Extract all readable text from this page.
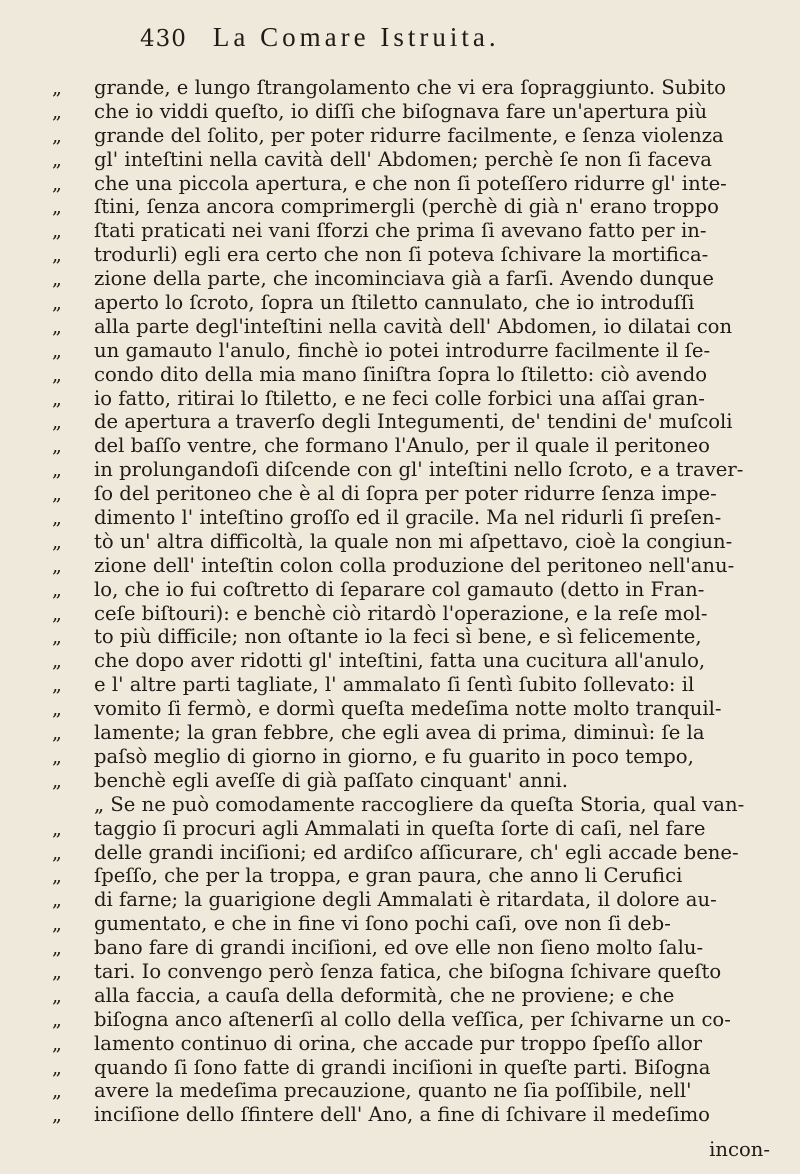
430 La Comare Istruita.
„	grande, e lungo ſtrangolamento che vi era ſopraggiunto. Subito
„	che io viddi queſto, io diſſi che biſognava fare un'apertura più
„	grande del ſolito, per poter ridurre facilmente, e ſenza violenza
„	gl' inteſtini nella cavità dell' Abdomen; perchè ſe non ſi faceva
„	che una piccola apertura, e che non ſi poteſſero ridurre gl' inte-
„	ſtini, ſenza ancora comprimergli (perchè di già n' erano troppo
„	ſtati praticati nei vani ſforzi che prima ſi avevano fatto per in-
„	trodurli) egli era certo che non ſi poteva ſchivare la mortifica-
„	zione della parte, che incominciava già a farſi. Avendo dunque
„	aperto lo ſcroto, ſopra un ſtiletto cannulato, che io introduſſi
„	alla parte degl'inteſtini nella cavità dell' Abdomen, io dilatai con
„	un gamauto l'anulo, finchè io potei introdurre facilmente il ſe-
„	condo dito della mia mano ſiniſtra ſopra lo ſtiletto: ciò avendo
„	io fatto, ritirai lo ſtiletto, e ne feci colle forbici una aſſai gran-
„	de apertura a traverſo degli Integumenti, de' tendini de' muſcoli
„	del baſſo ventre, che formano l'Anulo, per il quale il peritoneo
„	in prolungandoſi diſcende con gl' inteſtini nello ſcroto, e a traver-
„	ſo del peritoneo che è al di ſopra per poter ridurre ſenza impe-
„	dimento l' inteſtino groſſo ed il gracile. Ma nel ridurli ſi preſen-
„	tò un' altra difficoltà, la quale non mi aſpettavo, cioè la congiun-
„	zione dell' inteſtin colon colla produzione del peritoneo nell'anu-
„	lo, che io fui coſtretto di ſeparare col gamauto (detto in Fran-
„	ceſe biſtouri): e benchè ciò ritardò l'operazione, e la reſe mol-
„	to più difficile; non oſtante io la feci sì bene, e sì felicemente,
„	che dopo aver ridotti gl' inteſtini, fatta una cucitura all'anulo,
„	e l' altre parti tagliate, l' ammalato ſi ſentì ſubito ſollevato: il
„	vomito ſi fermò, e dormì queſta medeſima notte molto tranquil-
„	lamente; la gran febbre, che egli avea di prima, diminuì: ſe la
„	paſsò meglio di giorno in giorno, e fu guarito in poco tempo,
„	benchè egli aveſſe di già paſſato cinquant' anni.
„ Se ne può comodamente raccogliere da queſta Storia, qual van-
„	taggio ſi procuri agli Ammalati in queſta ſorte di caſi, nel fare
„	delle grandi inciſioni; ed ardiſco aſſicurare, ch' egli accade bene-
„	ſpeſſo, che per la troppa, e gran paura, che anno li Cerufici
„	di farne; la guarigione degli Ammalati è ritardata, il dolore au-
„	gumentato, e che in fine vi ſono pochi caſi, ove non ſi deb-
„	bano fare di grandi inciſioni, ed ove elle non ſieno molto ſalu-
„	tari. Io convengo però ſenza fatica, che biſogna ſchivare queſto
„	alla faccia, a cauſa della deformità, che ne proviene; e che
„	biſogna anco aſtenerſi al collo della veſſica, per ſchivarne un co-
„	lamento continuo di orina, che accade pur troppo ſpeſſo allor
„	quando ſi ſono fatte di grandi inciſioni in queſte parti. Biſogna
„	avere la medeſima precauzione, quanto ne ſia poſſibile, nell'
„	inciſione dello ſfintere dell' Ano, a fine di ſchivare il medeſimo
incon-
